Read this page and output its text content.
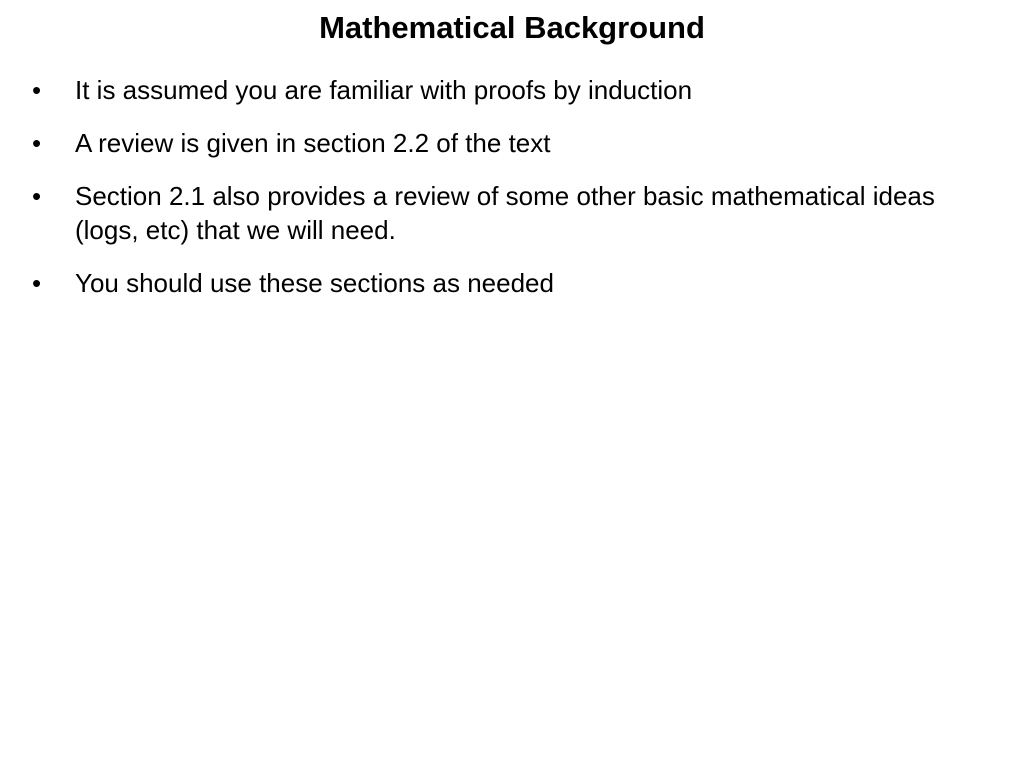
Mathematical Background
•	It is assumed you are familiar with proofs by induction
•	A review is given in section 2.2 of the text
•	Section 2.1 also provides a review of some other basic mathematical ideas (logs, etc) that we will need.
•	You should use these sections as needed
